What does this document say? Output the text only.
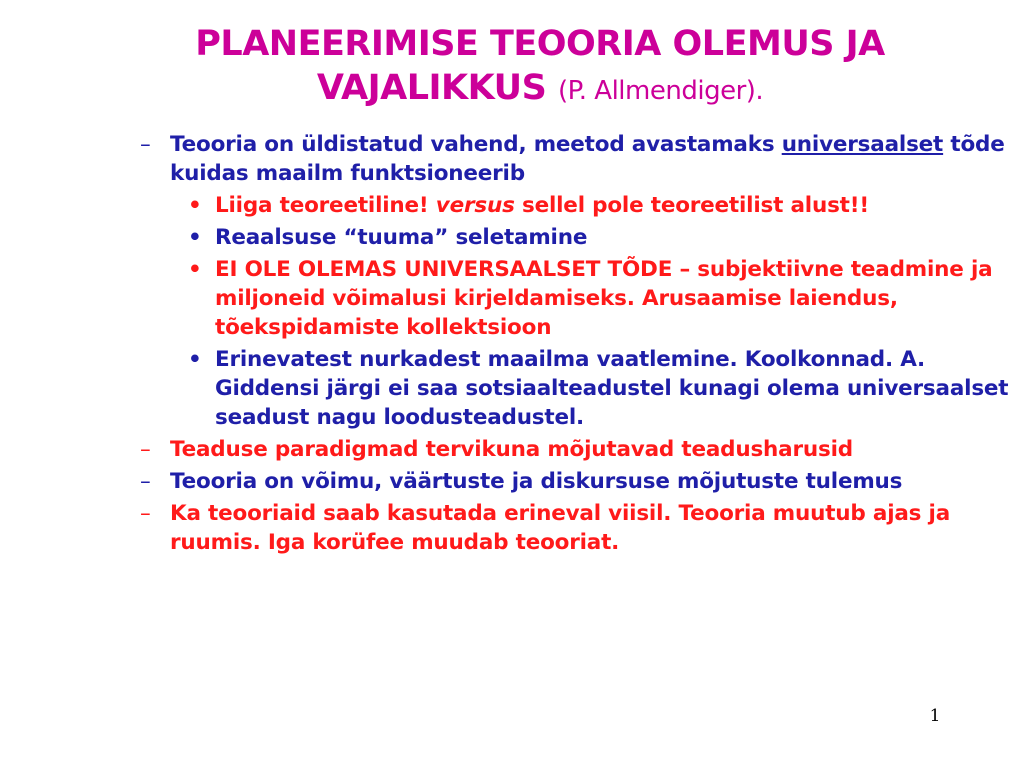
PLANEERIMISE TEOORIA OLEMUS JA
VAJALIKKUS (P. Allmendiger).
– Teooria on üldistatud vahend, meetod avastamaks universaalset tõde kuidas maailm funktsioneerib
• Liiga teoreetiline! versus sellel pole teoreetilist alust!!
• Reaalsuse “tuuma” seletamine
• EI OLE OLEMAS UNIVERSAALSET TÕDE – subjektiivne teadmine ja miljoneid võimalusi kirjeldamiseks. Arusaamise laiendus, tõekspidamiste kollektsioon
• Erinevatest nurkadest maailma vaatlemine. Koolkonnad. A. Giddensi järgi ei saa sotsiaalteadustel kunagi olema universaalset seadust nagu loodusteadustel.
– Teaduse paradigmad tervikuna mõjutavad teadusharusid
– Teooria on võimu, väärtuste ja diskursuse mõjutuste tulemus
– Ka teooriaid saab kasutada erineval viisil. Teooria muutub ajas ja ruumis. Iga korüfee muudab teooriat.
1
